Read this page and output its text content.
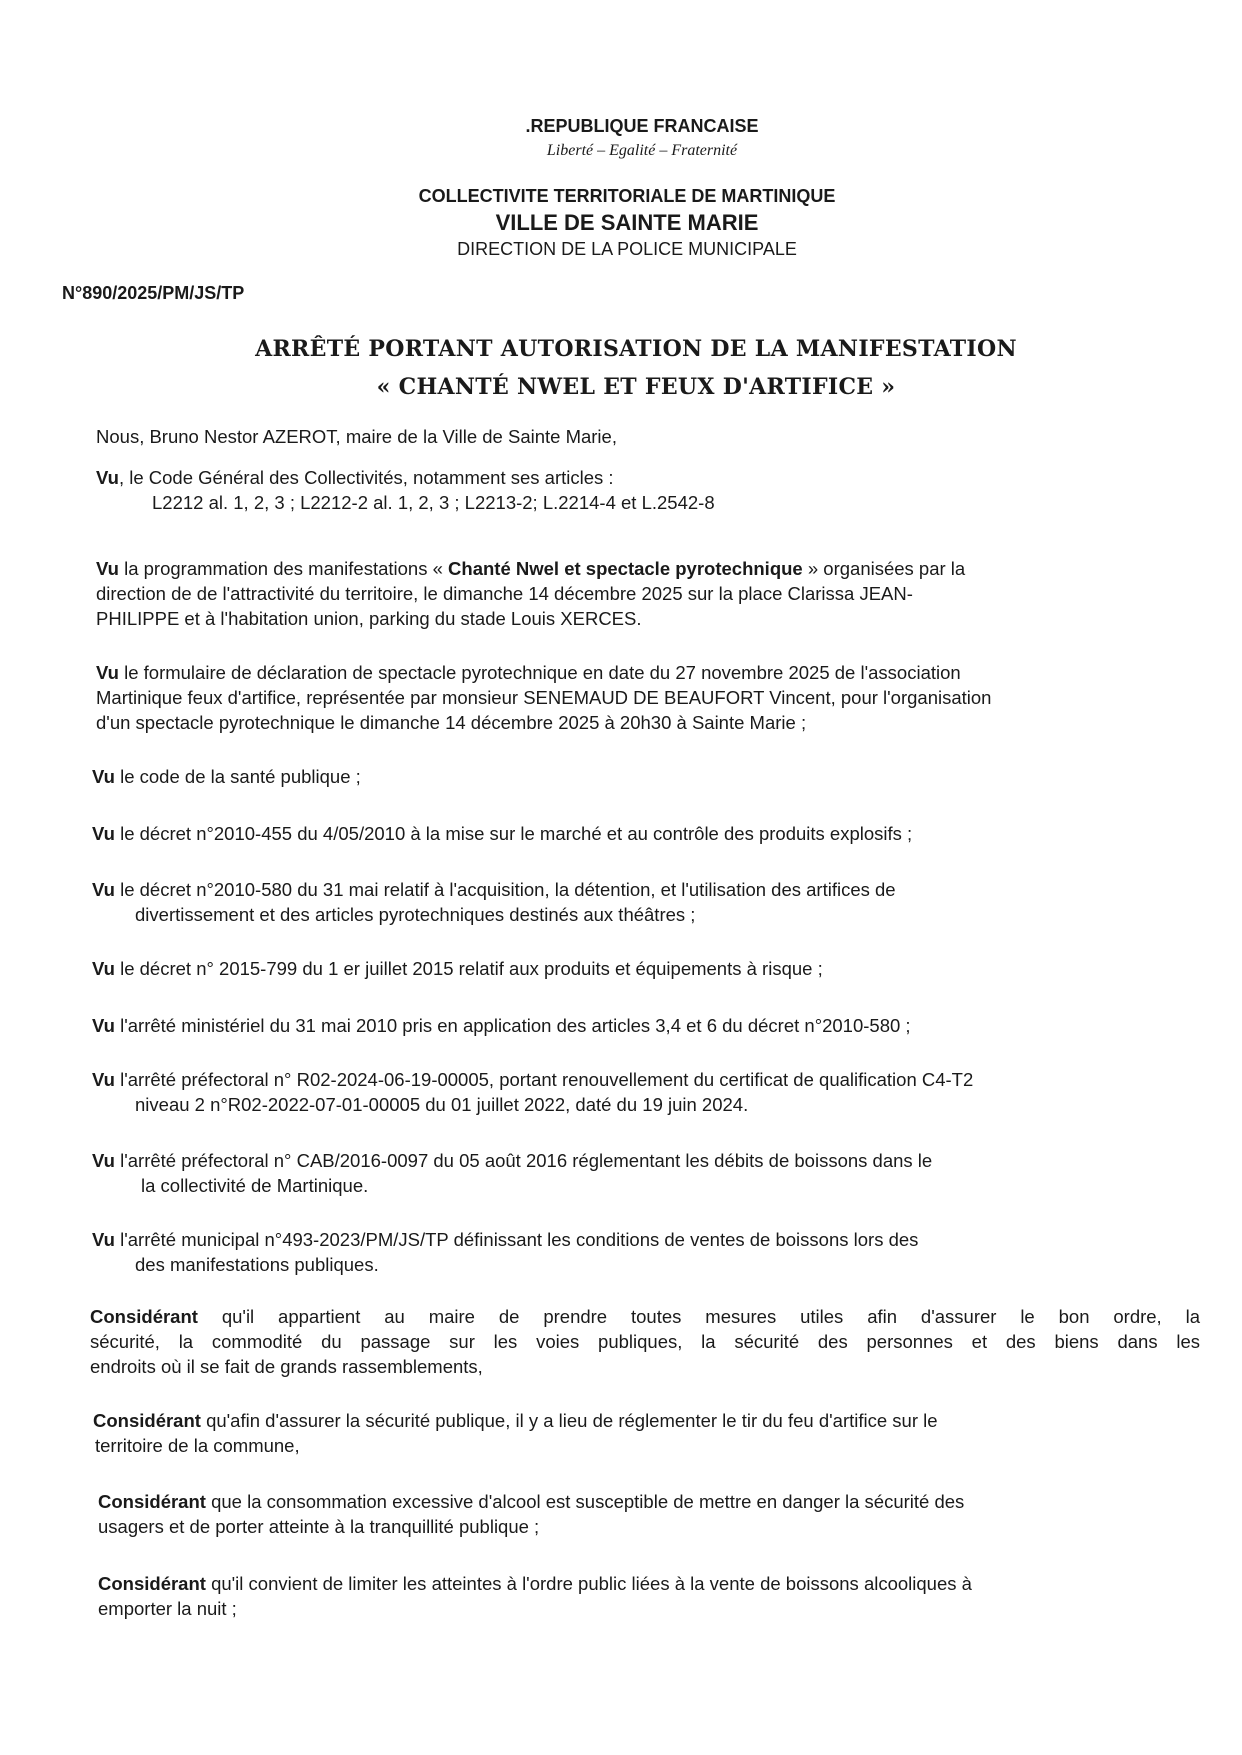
.REPUBLIQUE FRANCAISE
Liberté – Egalité – Fraternité
COLLECTIVITE TERRITORIALE DE MARTINIQUE
VILLE DE SAINTE MARIE
DIRECTION DE LA POLICE MUNICIPALE
N°890/2025/PM/JS/TP
ARRÊTÉ PORTANT AUTORISATION DE LA MANIFESTATION
« CHANTÉ NWEL ET FEUX D'ARTIFICE »
Nous, Bruno Nestor AZEROT, maire de la Ville de Sainte Marie,
Vu, le Code Général des Collectivités, notamment ses articles :
L2212 al. 1, 2, 3 ; L2212-2 al. 1, 2, 3 ; L2213-2; L.2214-4 et L.2542-8
Vu la programmation des manifestations « Chanté Nwel et spectacle pyrotechnique » organisées par la
direction de de l'attractivité du territoire, le dimanche 14 décembre 2025 sur la place Clarissa JEAN-
PHILIPPE et à l'habitation union, parking du stade Louis XERCES.
Vu le formulaire de déclaration de spectacle pyrotechnique en date du 27 novembre 2025 de l'association
Martinique feux d'artifice, représentée par monsieur SENEMAUD DE BEAUFORT Vincent, pour l'organisation
d'un spectacle pyrotechnique le dimanche 14 décembre 2025 à 20h30 à Sainte Marie ;
Vu le code de la santé publique ;
Vu le décret n°2010-455 du 4/05/2010 à la mise sur le marché et au contrôle des produits explosifs ;
Vu le décret n°2010-580 du 31 mai relatif à l'acquisition, la détention, et l'utilisation des artifices de
divertissement et des articles pyrotechniques destinés aux théâtres ;
Vu le décret n° 2015-799 du 1 er juillet 2015 relatif aux produits et équipements à risque ;
Vu l'arrêté ministériel du 31 mai 2010 pris en application des articles 3,4 et 6 du décret n°2010-580 ;
Vu l'arrêté préfectoral n° R02-2024-06-19-00005, portant renouvellement du certificat de qualification C4-T2
niveau 2 n°R02-2022-07-01-00005 du 01 juillet 2022, daté du 19 juin 2024.
Vu l'arrêté préfectoral n° CAB/2016-0097 du 05 août 2016 réglementant les débits de boissons dans le
la collectivité de Martinique.
Vu l'arrêté municipal n°493-2023/PM/JS/TP définissant les conditions de ventes de boissons lors des
des manifestations publiques.
Considérant qu'il appartient au maire de prendre toutes mesures utiles afin d'assurer le bon ordre, la
sécurité, la commodité du passage sur les voies publiques, la sécurité des personnes et des biens dans les
endroits où il se fait de grands rassemblements,
Considérant qu'afin d'assurer la sécurité publique, il y a lieu de réglementer le tir du feu d'artifice sur le
territoire de la commune,
Considérant que la consommation excessive d'alcool est susceptible de mettre en danger la sécurité des
usagers et de porter atteinte à la tranquillité publique ;
Considérant qu'il convient de limiter les atteintes à l'ordre public liées à la vente de boissons alcooliques à
emporter la nuit ;
